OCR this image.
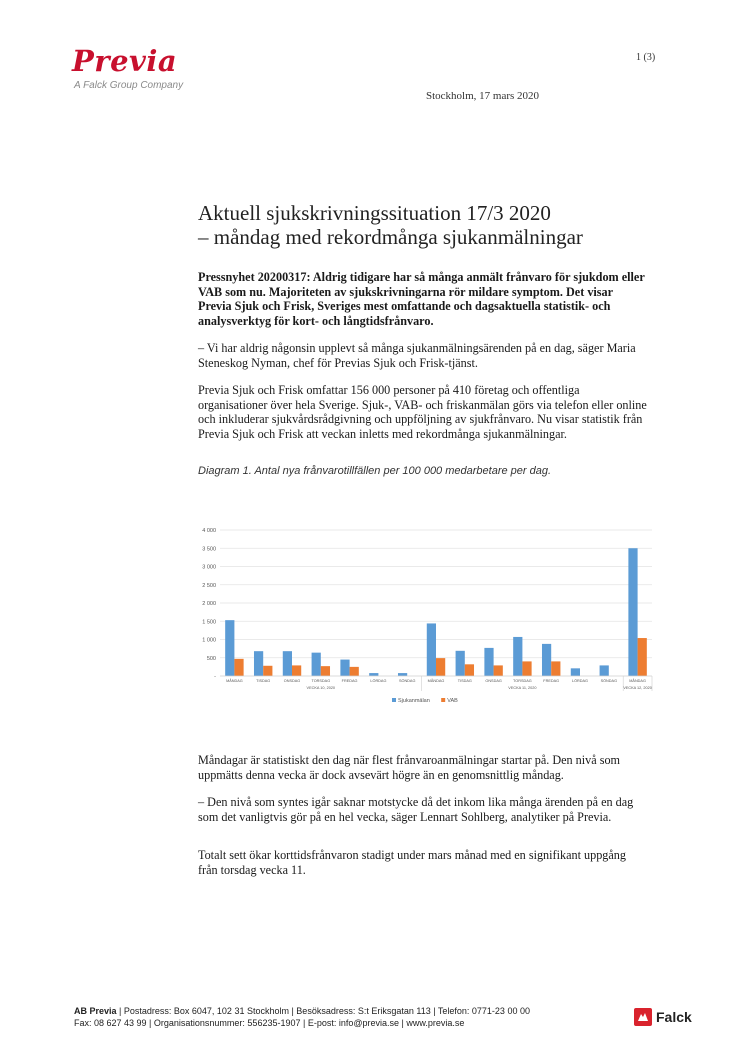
Previa
A Falck Group Company
1 (3)
Stockholm, 17 mars 2020
Aktuell sjukskrivningssituation 17/3 2020
– måndag med rekordmånga sjukanmälningar

Pressnyhet 20200317: Aldrig tidigare har så många anmält frånvaro för sjukdom eller VAB som nu. Majoriteten av sjukskrivningarna rör mildare symptom. Det visar Previa Sjuk och Frisk, Sveriges mest omfattande och dagsaktuella statistik- och analysverktyg för kort- och långtidsfrånvaro.

– Vi har aldrig någonsin upplevt så många sjukanmälningsärenden på en dag, säger Maria Steneskog Nyman, chef för Previas Sjuk och Frisk-tjänst.

Previa Sjuk och Frisk omfattar 156 000 personer på 410 företag och offentliga organisationer över hela Sverige. Sjuk-, VAB- och friskanmälan görs via telefon eller online och inkluderar sjukvårdsrådgivning och uppföljning av sjukfrånvaro. Nu visar statistik från Previa Sjuk och Frisk att veckan inletts med rekordmånga sjukanmälningar.

Diagram 1. Antal nya frånvarotillfällen per 100 000 medarbetare per dag.
-
500
1 000
1 500
2 000
2 500
3 000
3 500
4 000
MÅNDAG	TISDAG	ONSDAG	TORSDAG	FREDAG	LÖRDAG	SÖNDAG	MÅNDAG	TISDAG	ONSDAG	TORSDAG	FREDAG	LÖRDAG	SÖNDAG	MÅNDAG
VECKA 10, 2020	VECKA 11, 2020	VECKA 12, 2020
Sjukanmälan	VAB

Måndagar är statistiskt den dag när flest frånvaroanmälningar startar på. Den nivå som uppmätts denna vecka är dock avsevärt högre än en genomsnittlig måndag.

– Den nivå som syntes igår saknar motstycke då det inkom lika många ärenden på en dag som det vanligtvis gör på en hel vecka, säger Lennart Sohlberg, analytiker på Previa.

Totalt sett ökar korttidsfrånvaron stadigt under mars månad med en signifikant uppgång från torsdag vecka 11.

AB Previa | Postadress: Box 6047, 102 31 Stockholm | Besöksadress: S:t Eriksgatan 113 | Telefon: 0771-23 00 00
Fax: 08 627 43 99 | Organisationsnummer: 556235-1907 | E-post: info@previa.se | www.previa.se	Falck
